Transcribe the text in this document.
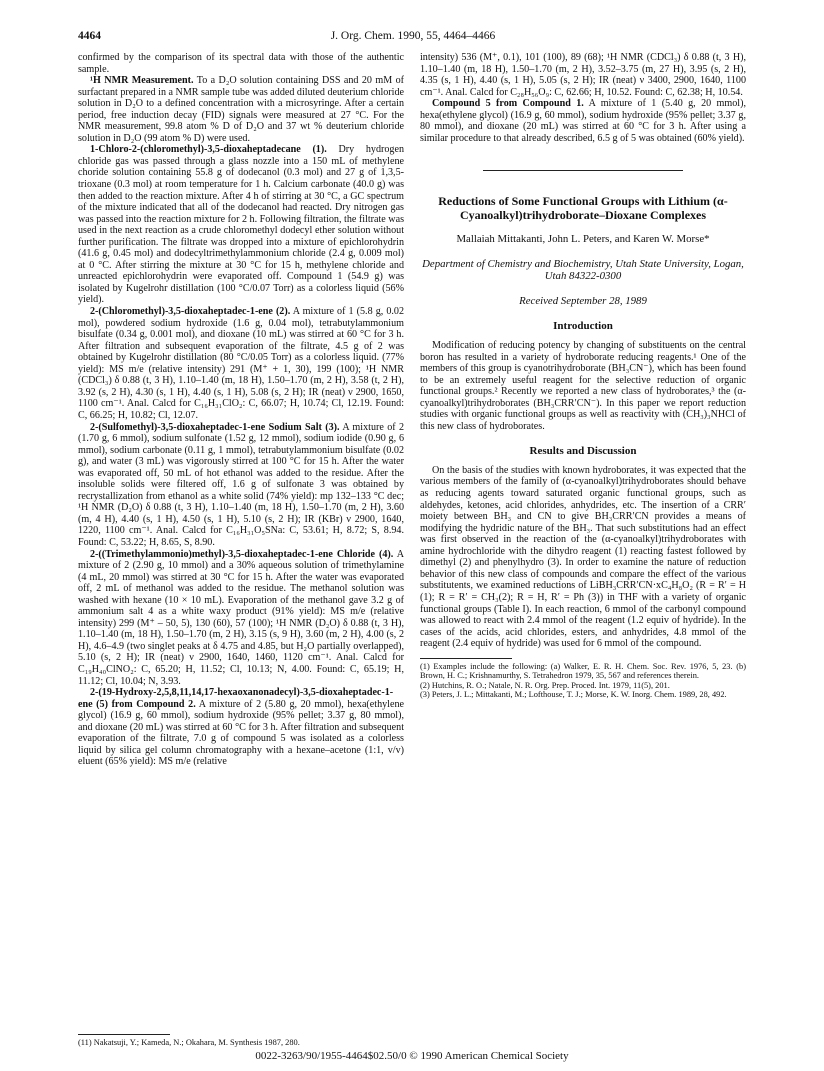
4464	J. Org. Chem. 1990, 55, 4464–4466

confirmed by the comparison of its spectral data with those of the authentic sample.

¹H NMR Measurement. To a D₂O solution containing DSS and 20 mM of surfactant prepared in a NMR sample tube was added diluted deuterium chloride solution in D₂O to a defined concentration with a microsyringe. After a certain period, free induction decay (FID) signals were measured at 27 °C. For the NMR measurement, 99.8 atom % D of D₂O and 37 wt % deuterium chloride solution in D₂O (99 atom % D) were used.

1-Chloro-2-(chloromethyl)-3,5-dioxaheptadecane (1). Dry hydrogen chloride gas was passed through a glass nozzle into a 150 mL of methylene choride solution containing 55.8 g of dodecanol (0.3 mol) and 27 g of 1,3,5-trioxane (0.3 mol) at room temperature for 1 h. Calcium carbonate (40.0 g) was then added to the reaction mixture. After 4 h of stirring at 30 °C, a GC spectrum of the mixture indicated that all of the dodecanol had reacted. Dry nitrogen gas was passed into the reaction mixture for 2 h. Following filtration, the filtrate was used in the next reaction as a crude chloromethyl dodecyl ether solution without further purification. The filtrate was dropped into a mixture of epichlorohydrin (41.6 g, 0.45 mol) and dodecyltrimethylammonium chloride (2.4 g, 0.009 mol) at 0 °C. After stirring the mixture at 30 °C for 15 h, methylene chloride and unreacted epichlorohydrin were evaporated off. Compound 1 (54.9 g) was isolated by Kugelrohr distillation (100 °C/0.07 Torr) as a colorless liquid (56% yield).

2-(Chloromethyl)-3,5-dioxaheptadec-1-ene (2). A mixture of 1 (5.8 g, 0.02 mol), powdered sodium hydroxide (1.6 g, 0.04 mol), tetrabutylammonium bisulfate (0.34 g, 0.001 mol), and dioxane (10 mL) was stirred at 60 °C for 3 h. After filtration and subsequent evaporation of the filtrate, 4.5 g of 2 was obtained by Kugelrohr distillation (80 °C/0.05 Torr) as a colorless liquid. (77% yield): MS m/e (relative intensity) 291 (M⁺ + 1, 30), 199 (100); ¹H NMR (CDCl₃) δ 0.88 (t, 3 H), 1.10–1.40 (m, 18 H), 1.50–1.70 (m, 2 H), 3.58 (t, 2 H), 3.92 (s, 2 H), 4.30 (s, 1 H), 4.40 (s, 1 H), 5.08 (s, 2 H); IR (neat) ν 2900, 1650, 1100 cm⁻¹. Anal. Calcd for C₁₆H₃₁ClO₂: C, 66.07; H, 10.74; Cl, 12.19. Found: C, 66.25; H, 10.82; Cl, 12.07.

2-(Sulfomethyl)-3,5-dioxaheptadec-1-ene Sodium Salt (3). A mixture of 2 (1.70 g, 6 mmol), sodium sulfonate (1.52 g, 12 mmol), sodium iodide (0.90 g, 6 mmol), sodium carbonate (0.11 g, 1 mmol), tetrabutylammonium bisulfate (0.02 g), and water (3 mL) was vigorously stirred at 100 °C for 15 h. After the water was evaporated off, 50 mL of hot ethanol was added to the residue. After the insoluble solids were filtered off, 1.6 g of sulfonate 3 was obtained by recrystallization from ethanol as a white solid (74% yield): mp 132–133 °C dec; ¹H NMR (D₂O) δ 0.88 (t, 3 H), 1.10–1.40 (m, 18 H), 1.50–1.70 (m, 2 H), 3.60 (m, 4 H), 4.40 (s, 1 H), 4.50 (s, 1 H), 5.10 (s, 2 H); IR (KBr) ν 2900, 1640, 1220, 1100 cm⁻¹. Anal. Calcd for C₁₆H₃₁O₅SNa: C, 53.61; H, 8.72; S, 8.94. Found: C, 53.22; H, 8.65, S, 8.90.

2-((Trimethylammonio)methyl)-3,5-dioxaheptadec-1-ene Chloride (4). A mixture of 2 (2.90 g, 10 mmol) and a 30% aqueous solution of trimethylamine (4 mL, 20 mmol) was stirred at 30 °C for 15 h. After the water was evaporated off, 2 mL of methanol was added to the residue. The methanol solution was washed with hexane (10 × 10 mL). Evaporation of the methanol gave 3.2 g of ammonium salt 4 as a white waxy product (91% yield): MS m/e (relative intensity) 299 (M⁺ – 50, 5), 130 (60), 57 (100); ¹H NMR (D₂O) δ 0.88 (t, 3 H), 1.10–1.40 (m, 18 H), 1.50–1.70 (m, 2 H), 3.15 (s, 9 H), 3.60 (m, 2 H), 4.00 (s, 2 H), 4.6–4.9 (two singlet peaks at δ 4.75 and 4.85, but H₂O partially overlapped), 5.10 (s, 2 H); IR (neat) ν 2900, 1640, 1460, 1120 cm⁻¹. Anal. Calcd for C₁₉H₄₀ClNO₂: C, 65.20; H, 11.52; Cl, 10.13; N, 4.00. Found: C, 65.19; H, 11.12; Cl, 10.04; N, 3.93.

2-(19-Hydroxy-2,5,8,11,14,17-hexaoxanonadecyl)-3,5-dioxaheptadec-1-ene (5) from Compound 2. A mixture of 2 (5.80 g, 20 mmol), hexa(ethylene glycol) (16.9 g, 60 mmol), sodium hydroxide (95% pellet; 3.37 g, 80 mmol), and dioxane (20 mL) was stirred at 60 °C for 3 h. After filtration and subsequent evaporation of the filtrate, 7.0 g of compound 5 was isolated as a colorless liquid by silica gel column chromatography with a hexane–acetone (1:1, v/v) eluent (65% yield): MS m/e (relative

(11) Nakatsuji, Y.; Kameda, N.; Okahara, M. Synthesis 1987, 280.

intensity) 536 (M⁺, 0.1), 101 (100), 89 (68); ¹H NMR (CDCl₃) δ 0.88 (t, 3 H), 1.10–1.40 (m, 18 H), 1.50–1.70 (m, 2 H), 3.52–3.75 (m, 27 H), 3.95 (s, 2 H), 4.35 (s, 1 H), 4.40 (s, 1 H), 5.05 (s, 2 H); IR (neat) ν 3400, 2900, 1640, 1100 cm⁻¹. Anal. Calcd for C₂₈H₅₆O₉: C, 62.66; H, 10.52. Found: C, 62.38; H, 10.54.

Compound 5 from Compound 1. A mixture of 1 (5.40 g, 20 mmol), hexa(ethylene glycol) (16.9 g, 60 mmol), sodium hydroxide (95% pellet; 3.37 g, 80 mmol), and dioxane (20 mL) was stirred at 60 °C for 3 h. After using a similar procedure to that already described, 6.5 g of 5 was obtained (60% yield).

Reductions of Some Functional Groups with Lithium (α-Cyanoalkyl)trihydroborate–Dioxane Complexes
Mallaiah Mittakanti, John L. Peters, and Karen W. Morse*
Department of Chemistry and Biochemistry, Utah State University, Logan, Utah 84322-0300
Received September 28, 1989
Introduction

Modification of reducing potency by changing of substituents on the central boron has resulted in a variety of hydroborate reducing reagents.¹ One of the members of this group is cyanotrihydroborate (BH₃CN⁻), which has been found to be an extremely useful reagent for the selective reduction of organic functional groups.² Recently we reported a new class of hydroborates,³ the (α-cyanoalkyl)trihydroborates (BH₃CRR′CN⁻). In this paper we report reduction studies with organic functional groups as well as reactivity with (CH₃)₃NHCl of this new class of hydroborates.

Results and Discussion

On the basis of the studies with known hydroborates, it was expected that the various members of the family of (α-cyanoalkyl)trihydroborates should behave as reducing agents toward saturated organic functional groups, such as aldehydes, ketones, acid chlorides, anhydrides, etc. The insertion of a CRR′ moiety between BH₃ and CN to give BH₃CRR′CN provides a means of modifying the hydridic nature of the BH₃. That such substitutions had an effect was first observed in the reaction of the (α-cyanoalkyl)trihydroborates with amine hydrochloride with the dihydro reagent (1) reacting fastest followed by dimethyl (2) and phenylhydro (3). In order to examine the nature of reduction behavior of this new class of compounds and compare the effect of the various substitutents, we examined reductions of LiBH₃CRR′CN·xC₄H₈O₂ (R = R′ = H (1); R = R′ = CH₃(2); R = H, R′ = Ph (3)) in THF with a variety of organic functional groups (Table I). In each reaction, 6 mmol of the carbonyl compound was allowed to react with 2.4 mmol of the reagent (1.2 equiv of hydride). In the cases of the acids, acid chlorides, esters, and anhydrides, 4.8 mmol of the reagent (2.4 equiv of hydride) was used for 6 mmol of the compound.

(1) Examples include the following: (a) Walker, E. R. H. Chem. Soc. Rev. 1976, 5, 23. (b) Brown, H. C.; Krishnamurthy, S. Tetrahedron 1979, 35, 567 and references therein.

(2) Hutchins, R. O.; Natale, N. R. Org. Prep. Proced. Int. 1979, 11(5), 201.

(3) Peters, J. L.; Mittakanti, M.; Lofthouse, T. J.; Morse, K. W. Inorg. Chem. 1989, 28, 492.

0022-3263/90/1955-4464$02.50/0 © 1990 American Chemical Society
